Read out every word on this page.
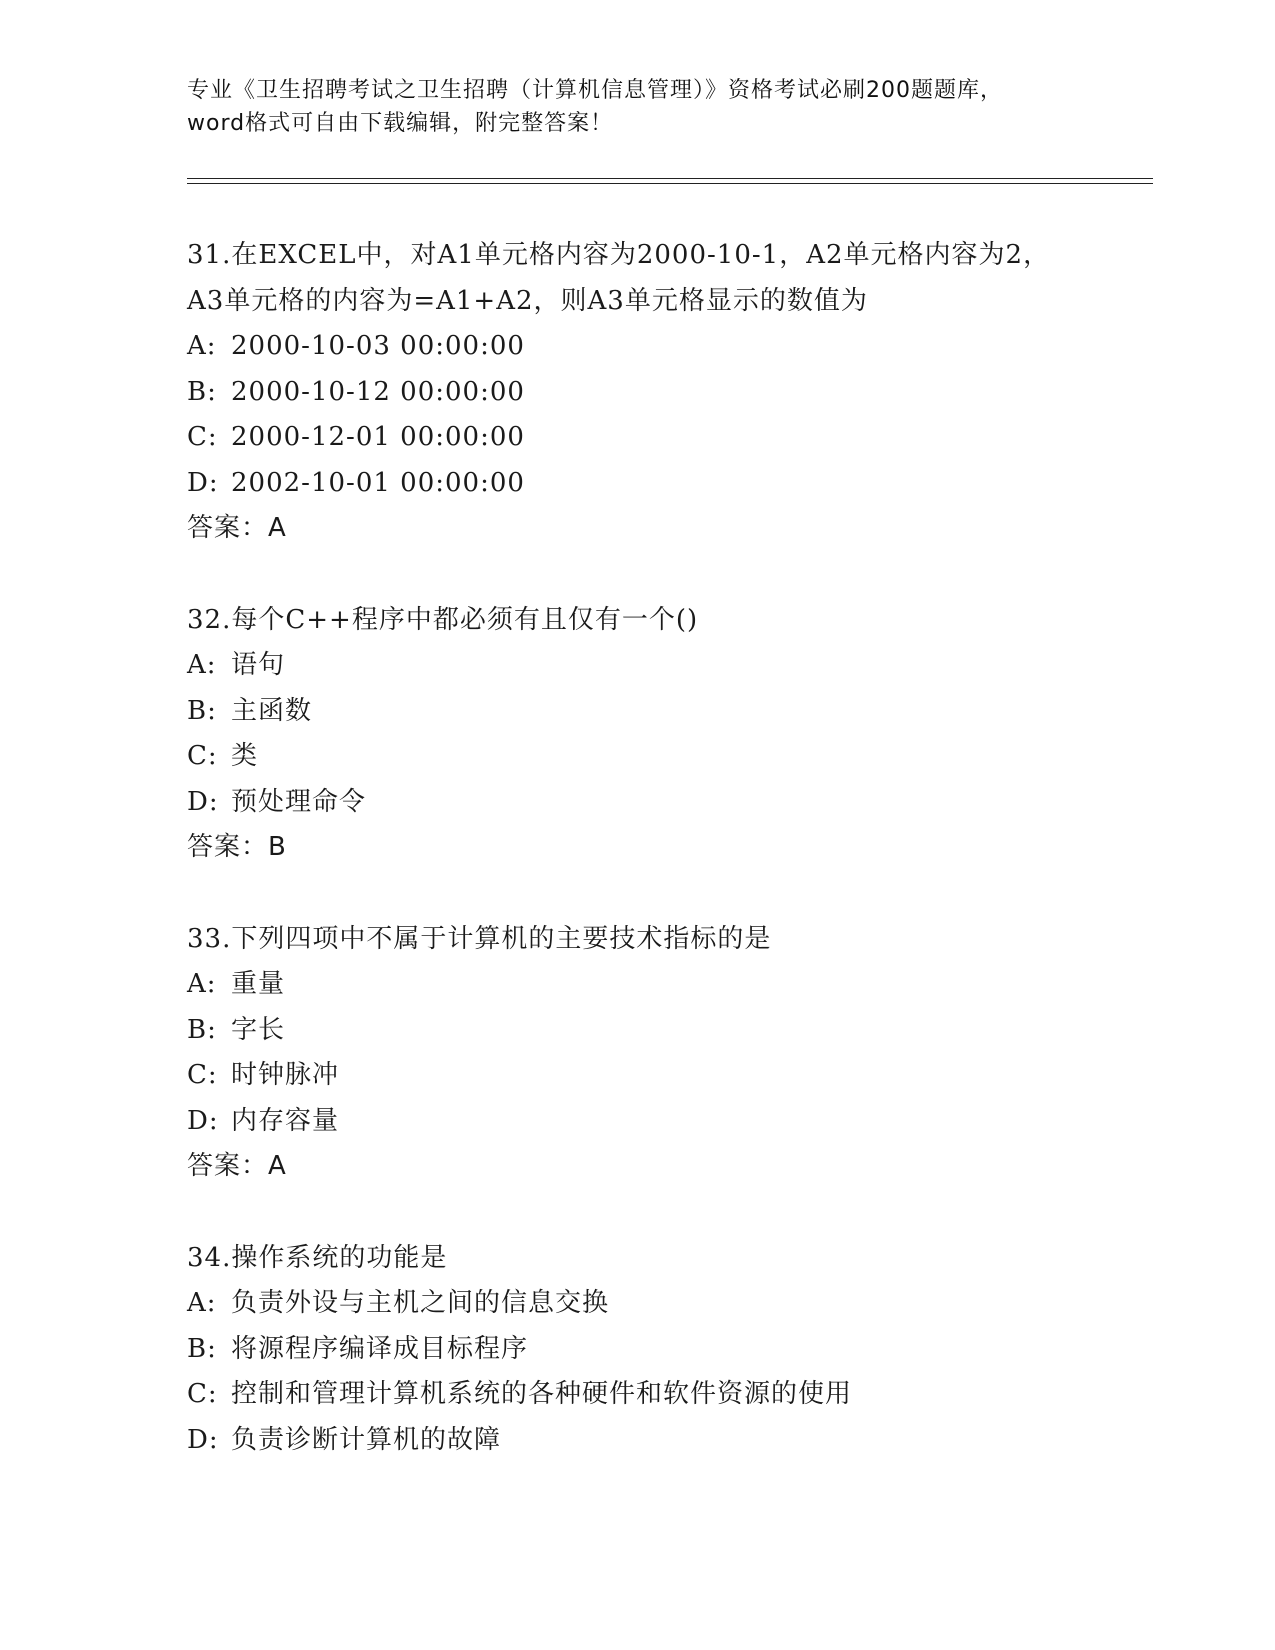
专业《卫生招聘考试之卫生招聘（计算机信息管理）》资格考试必刷200题题库，
word格式可自由下载编辑，附完整答案！
31.在EXCEL中，对A1单元格内容为2000-10-1，A2单元格内容为2，
A3单元格的内容为=A1+A2，则A3单元格显示的数值为
A: 2000-10-03 00:00:00
B: 2000-10-12 00:00:00
C: 2000-12-01 00:00:00
D: 2002-10-01 00:00:00
答案：A
32.每个C++程序中都必须有且仅有一个()
A: 语句
B: 主函数
C: 类
D: 预处理命令
答案：B
33.下列四项中不属于计算机的主要技术指标的是
A: 重量
B: 字长
C: 时钟脉冲
D: 内存容量
答案：A
34.操作系统的功能是
A: 负责外设与主机之间的信息交换
B: 将源程序编译成目标程序
C: 控制和管理计算机系统的各种硬件和软件资源的使用
D: 负责诊断计算机的故障
